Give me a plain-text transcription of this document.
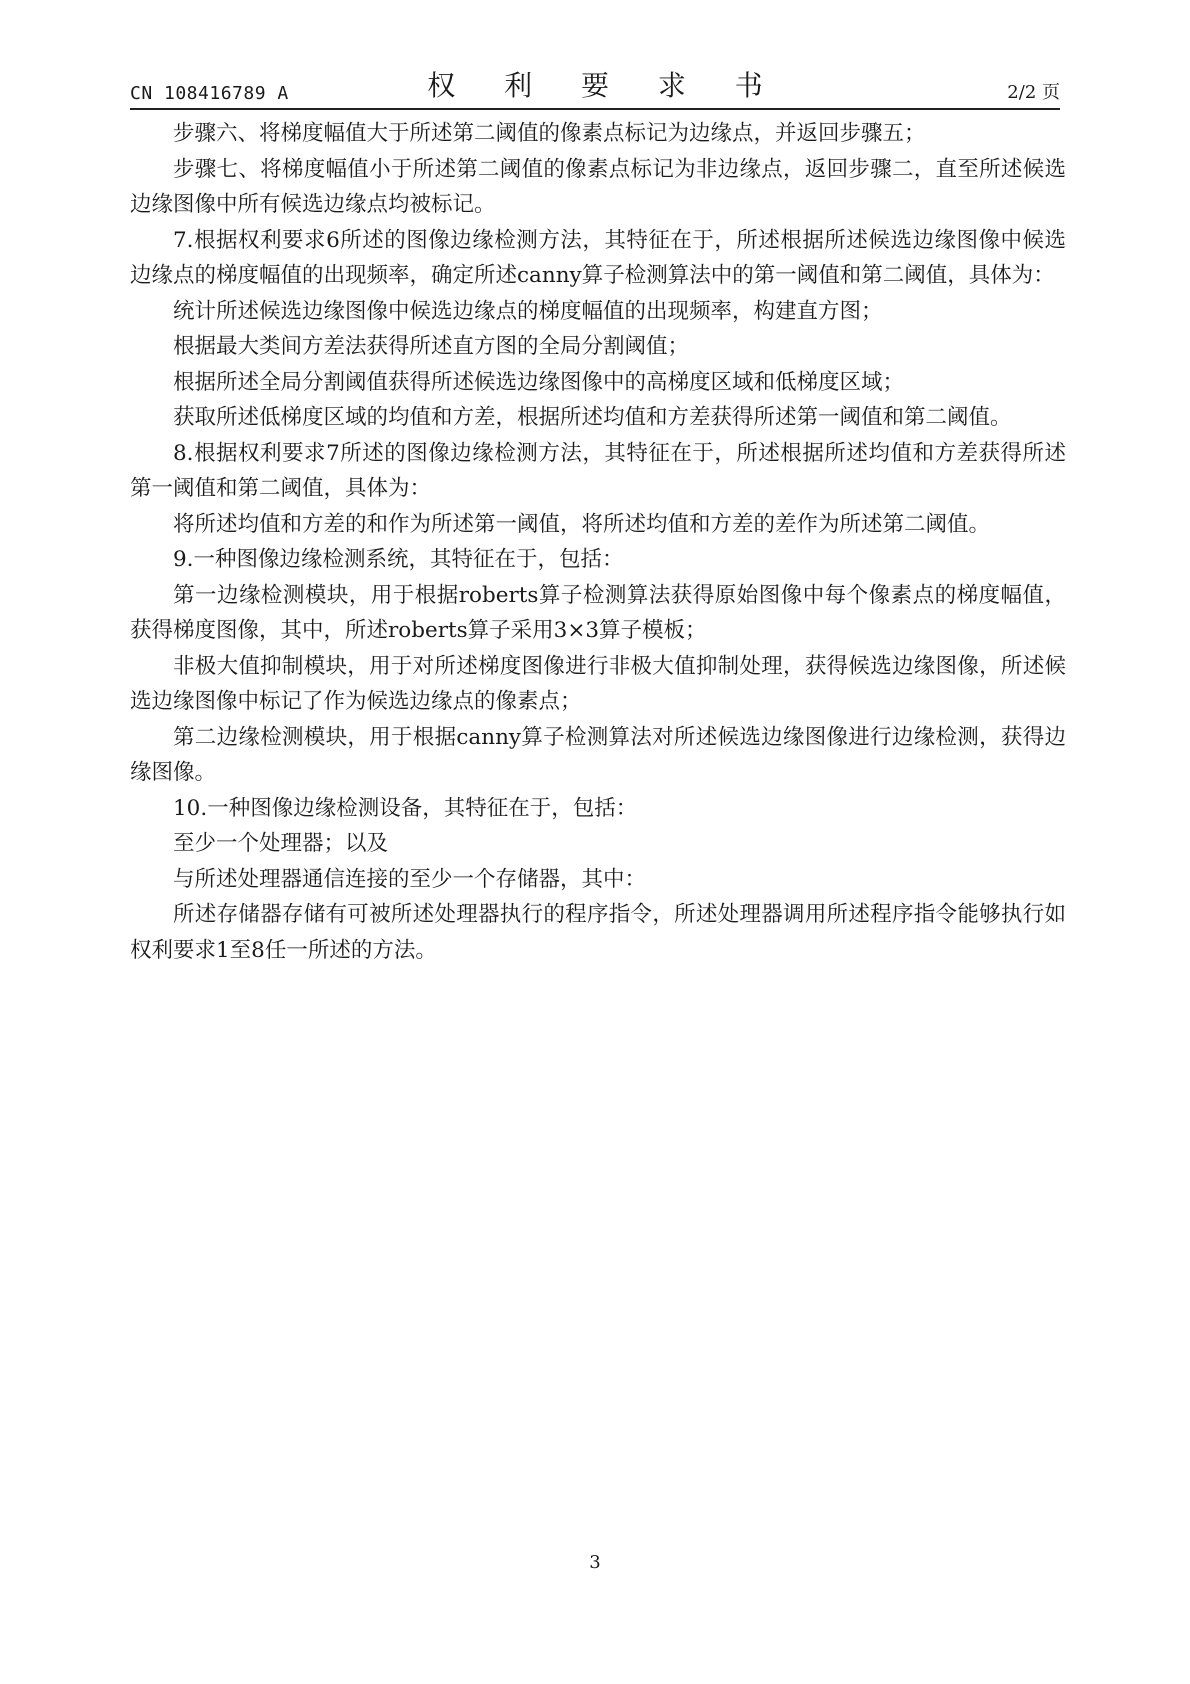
CN 108416789 A	权 利 要 求 书	2/2 页

步骤六、将梯度幅值大于所述第二阈值的像素点标记为边缘点，并返回步骤五；

步骤七、将梯度幅值小于所述第二阈值的像素点标记为非边缘点，返回步骤二，直至所述候选边缘图像中所有候选边缘点均被标记。

7.根据权利要求6所述的图像边缘检测方法，其特征在于，所述根据所述候选边缘图像中候选边缘点的梯度幅值的出现频率，确定所述canny算子检测算法中的第一阈值和第二阈值，具体为：

统计所述候选边缘图像中候选边缘点的梯度幅值的出现频率，构建直方图；

根据最大类间方差法获得所述直方图的全局分割阈值；

根据所述全局分割阈值获得所述候选边缘图像中的高梯度区域和低梯度区域；

获取所述低梯度区域的均值和方差，根据所述均值和方差获得所述第一阈值和第二阈值。

8.根据权利要求7所述的图像边缘检测方法，其特征在于，所述根据所述均值和方差获得所述第一阈值和第二阈值，具体为：

将所述均值和方差的和作为所述第一阈值，将所述均值和方差的差作为所述第二阈值。

9.一种图像边缘检测系统，其特征在于，包括：

第一边缘检测模块，用于根据roberts算子检测算法获得原始图像中每个像素点的梯度幅值，获得梯度图像，其中，所述roberts算子采用3×3算子模板；

非极大值抑制模块，用于对所述梯度图像进行非极大值抑制处理，获得候选边缘图像，所述候选边缘图像中标记了作为候选边缘点的像素点；

第二边缘检测模块，用于根据canny算子检测算法对所述候选边缘图像进行边缘检测，获得边缘图像。

10.一种图像边缘检测设备，其特征在于，包括：

至少一个处理器；以及

与所述处理器通信连接的至少一个存储器，其中：

所述存储器存储有可被所述处理器执行的程序指令，所述处理器调用所述程序指令能够执行如权利要求1至8任一所述的方法。

3
